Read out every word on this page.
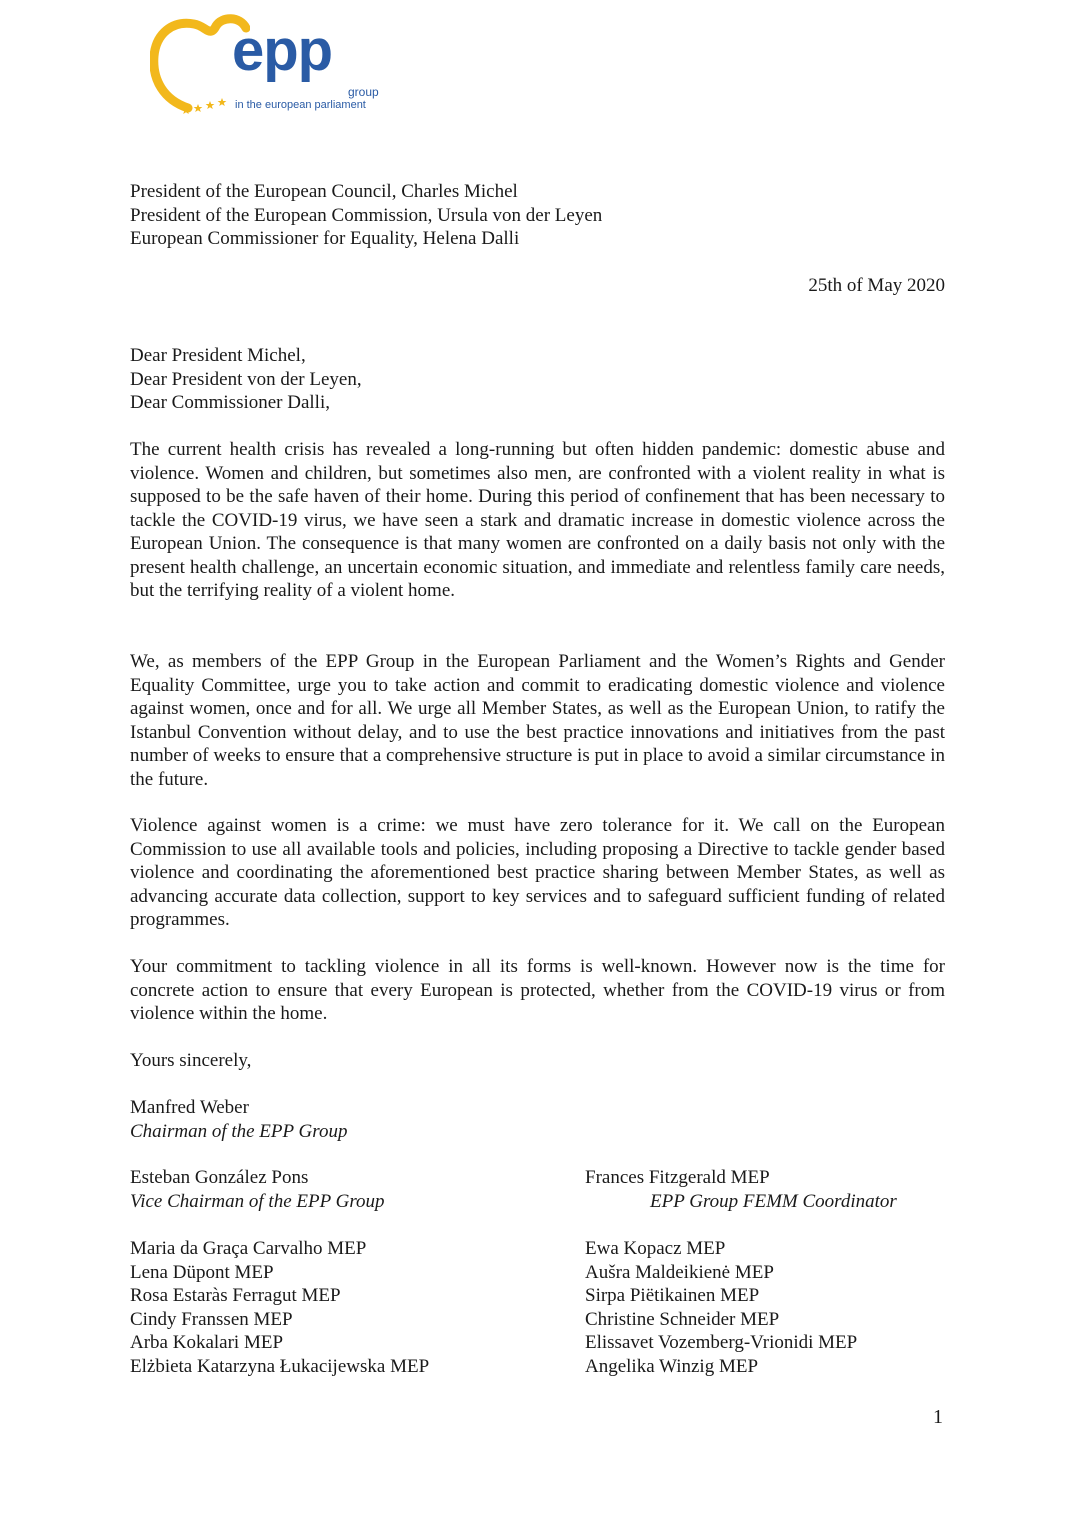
epp
group
in the european parliament
President of the European Council, Charles Michel
President of the European Commission, Ursula von der Leyen
European Commissioner for Equality, Helena Dalli
25th of May 2020
Dear President Michel,
Dear President von der Leyen,
Dear Commissioner Dalli,

The current health crisis has revealed a long-running but often hidden pandemic: domestic abuse and violence. Women and children, but sometimes also men, are confronted with a violent reality in what is supposed to be the safe haven of their home. During this period of confinement that has been necessary to tackle the COVID-19 virus, we have seen a stark and dramatic increase in domestic violence across the European Union. The consequence is that many women are confronted on a daily basis not only with the present health challenge, an uncertain economic situation, and immediate and relentless family care needs, but the terrifying reality of a violent home.

We, as members of the EPP Group in the European Parliament and the Women’s Rights and Gender Equality Committee, urge you to take action and commit to eradicating domestic violence and violence against women, once and for all. We urge all Member States, as well as the European Union, to ratify the Istanbul Convention without delay, and to use the best practice innovations and initiatives from the past number of weeks to ensure that a comprehensive structure is put in place to avoid a similar circumstance in the future.

Violence against women is a crime: we must have zero tolerance for it. We call on the European Commission to use all available tools and policies, including proposing a Directive to tackle gender based violence and coordinating the aforementioned best practice sharing between Member States, as well as advancing accurate data collection, support to key services and to safeguard sufficient funding of related programmes.

Your commitment to tackling violence in all its forms is well-known. However now is the time for concrete action to ensure that every European is protected, whether from the COVID-19 virus or from violence within the home.

Yours sincerely,
Manfred Weber
Chairman of the EPP Group
Esteban González Pons
Vice Chairman of the EPP Group
Frances Fitzgerald MEP
EPP Group FEMM Coordinator
Maria da Graça Carvalho MEP
Lena Düpont MEP
Rosa Estaràs Ferragut MEP
Cindy Franssen MEP
Arba Kokalari MEP
Elżbieta Katarzyna Łukacijewska MEP
Ewa Kopacz MEP
Aušra Maldeikienė MEP
Sirpa Piëtikainen MEP
Christine Schneider MEP
Elissavet Vozemberg-Vrionidi MEP
Angelika Winzig MEP
1
